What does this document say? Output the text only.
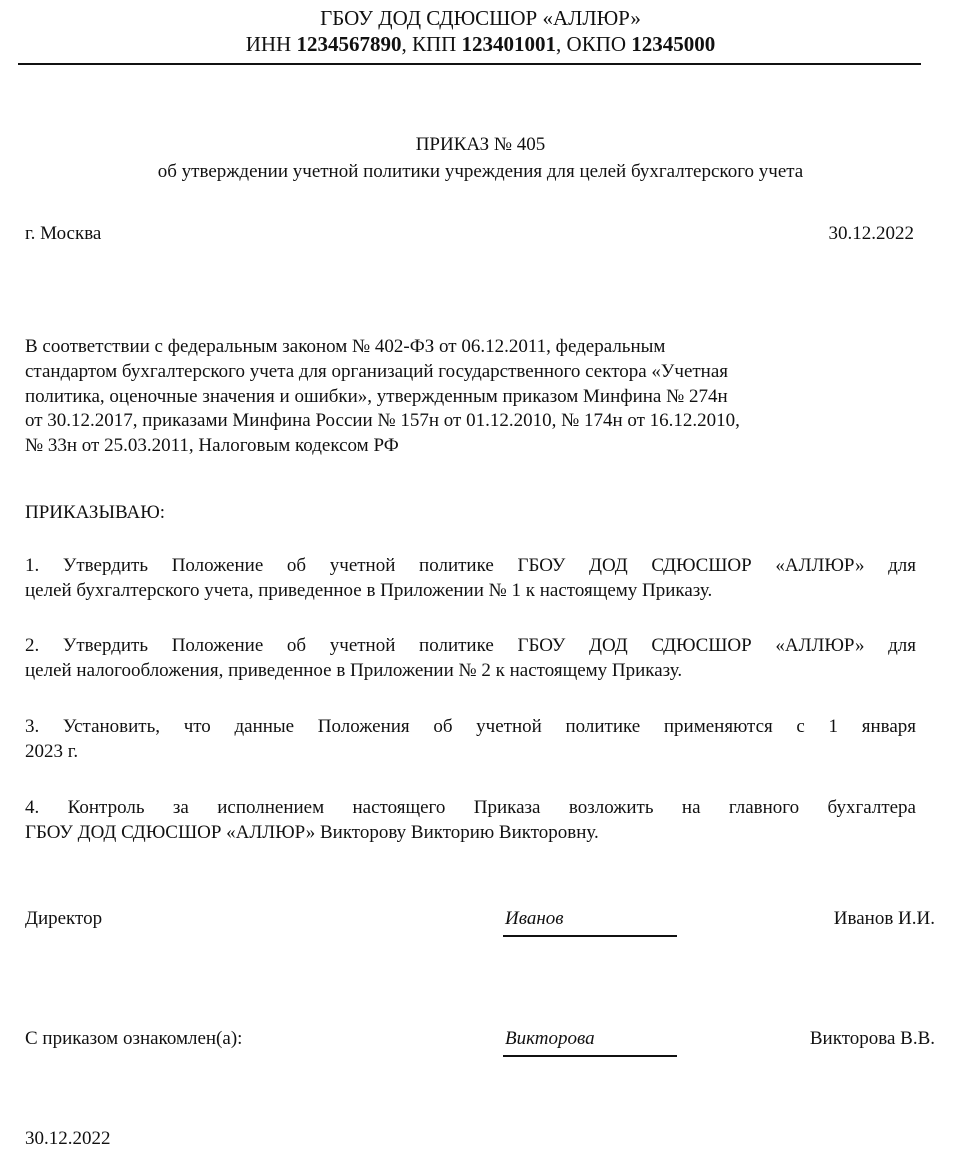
ГБОУ ДОД СДЮСШОР «АЛЛЮР»
ИНН 1234567890, КПП 123401001, ОКПО 12345000
ПРИКАЗ № 405
об утверждении учетной политики учреждения для целей бухгалтерского учета
г. Москва	30.12.2022
В соответствии с федеральным законом № 402-ФЗ от 06.12.2011, федеральным
стандартом бухгалтерского учета для организаций государственного сектора «Учетная
политика, оценочные значения и ошибки», утвержденным приказом Минфина № 274н
от 30.12.2017, приказами Минфина России № 157н от 01.12.2010, № 174н от 16.12.2010,
№ 33н от 25.03.2011, Налоговым кодексом РФ
ПРИКАЗЫВАЮ:
1. Утвердить Положение об учетной политике ГБОУ ДОД СДЮСШОР «АЛЛЮР» для
целей бухгалтерского учета, приведенное в Приложении № 1 к настоящему Приказу.
2. Утвердить Положение об учетной политике ГБОУ ДОД СДЮСШОР «АЛЛЮР» для
целей налогообложения, приведенное в Приложении № 2 к настоящему Приказу.
3. Установить, что данные Положения об учетной политике применяются с 1 января
2023 г.
4. Контроль за исполнением настоящего Приказа возложить на главного бухгалтера
ГБОУ ДОД СДЮСШОР «АЛЛЮР» Викторову Викторию Викторовну.
Директор	Иванов	Иванов И.И.
С приказом ознакомлен(а):	Викторова	Викторова В.В.
30.12.2022
